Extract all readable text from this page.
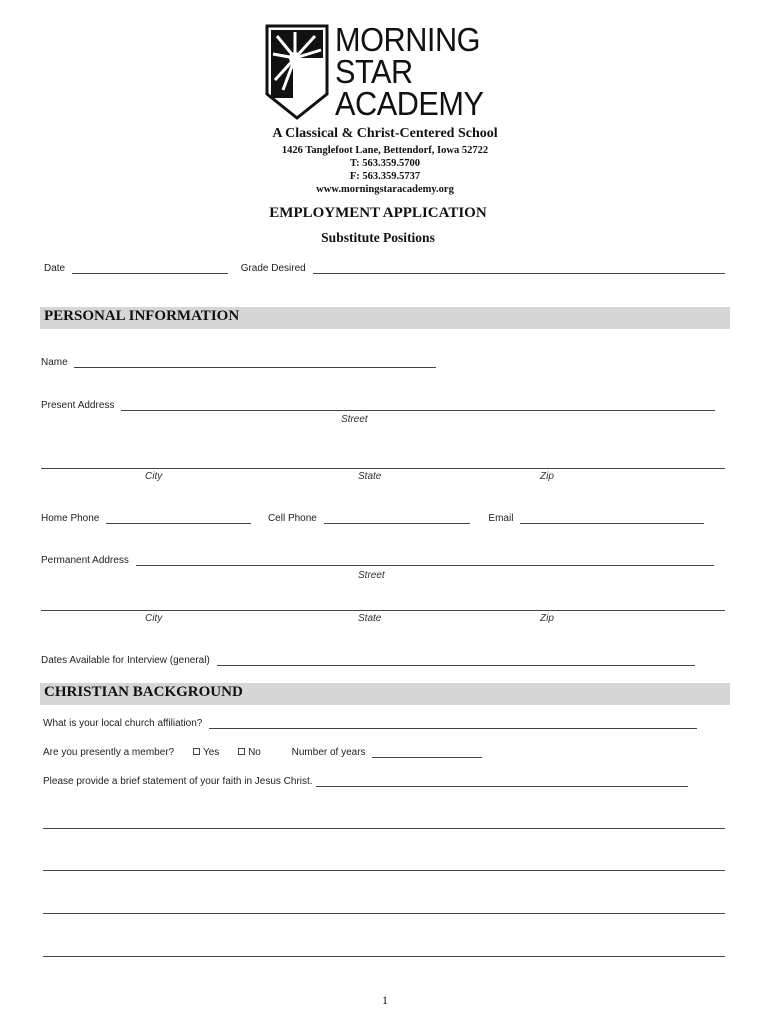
MORNING
STAR
ACADEMY
A Classical & Christ-Centered School
1426 Tanglefoot Lane, Bettendorf, Iowa 52722
T: 563.359.5700
F: 563.359.5737
www.morningstaracademy.org
EMPLOYMENT APPLICATION
Substitute Positions
Date	Grade Desired
PERSONAL INFORMATION
Name
Present Address
Street
City	State	Zip
Home Phone	Cell Phone	Email
Permanent Address
Street
City	State	Zip
Dates Available for Interview (general)
CHRISTIAN BACKGROUND
What is your local church affiliation?
Are you presently a member?	Yes	No	Number of years
Please provide a brief statement of your faith in Jesus Christ.
1
